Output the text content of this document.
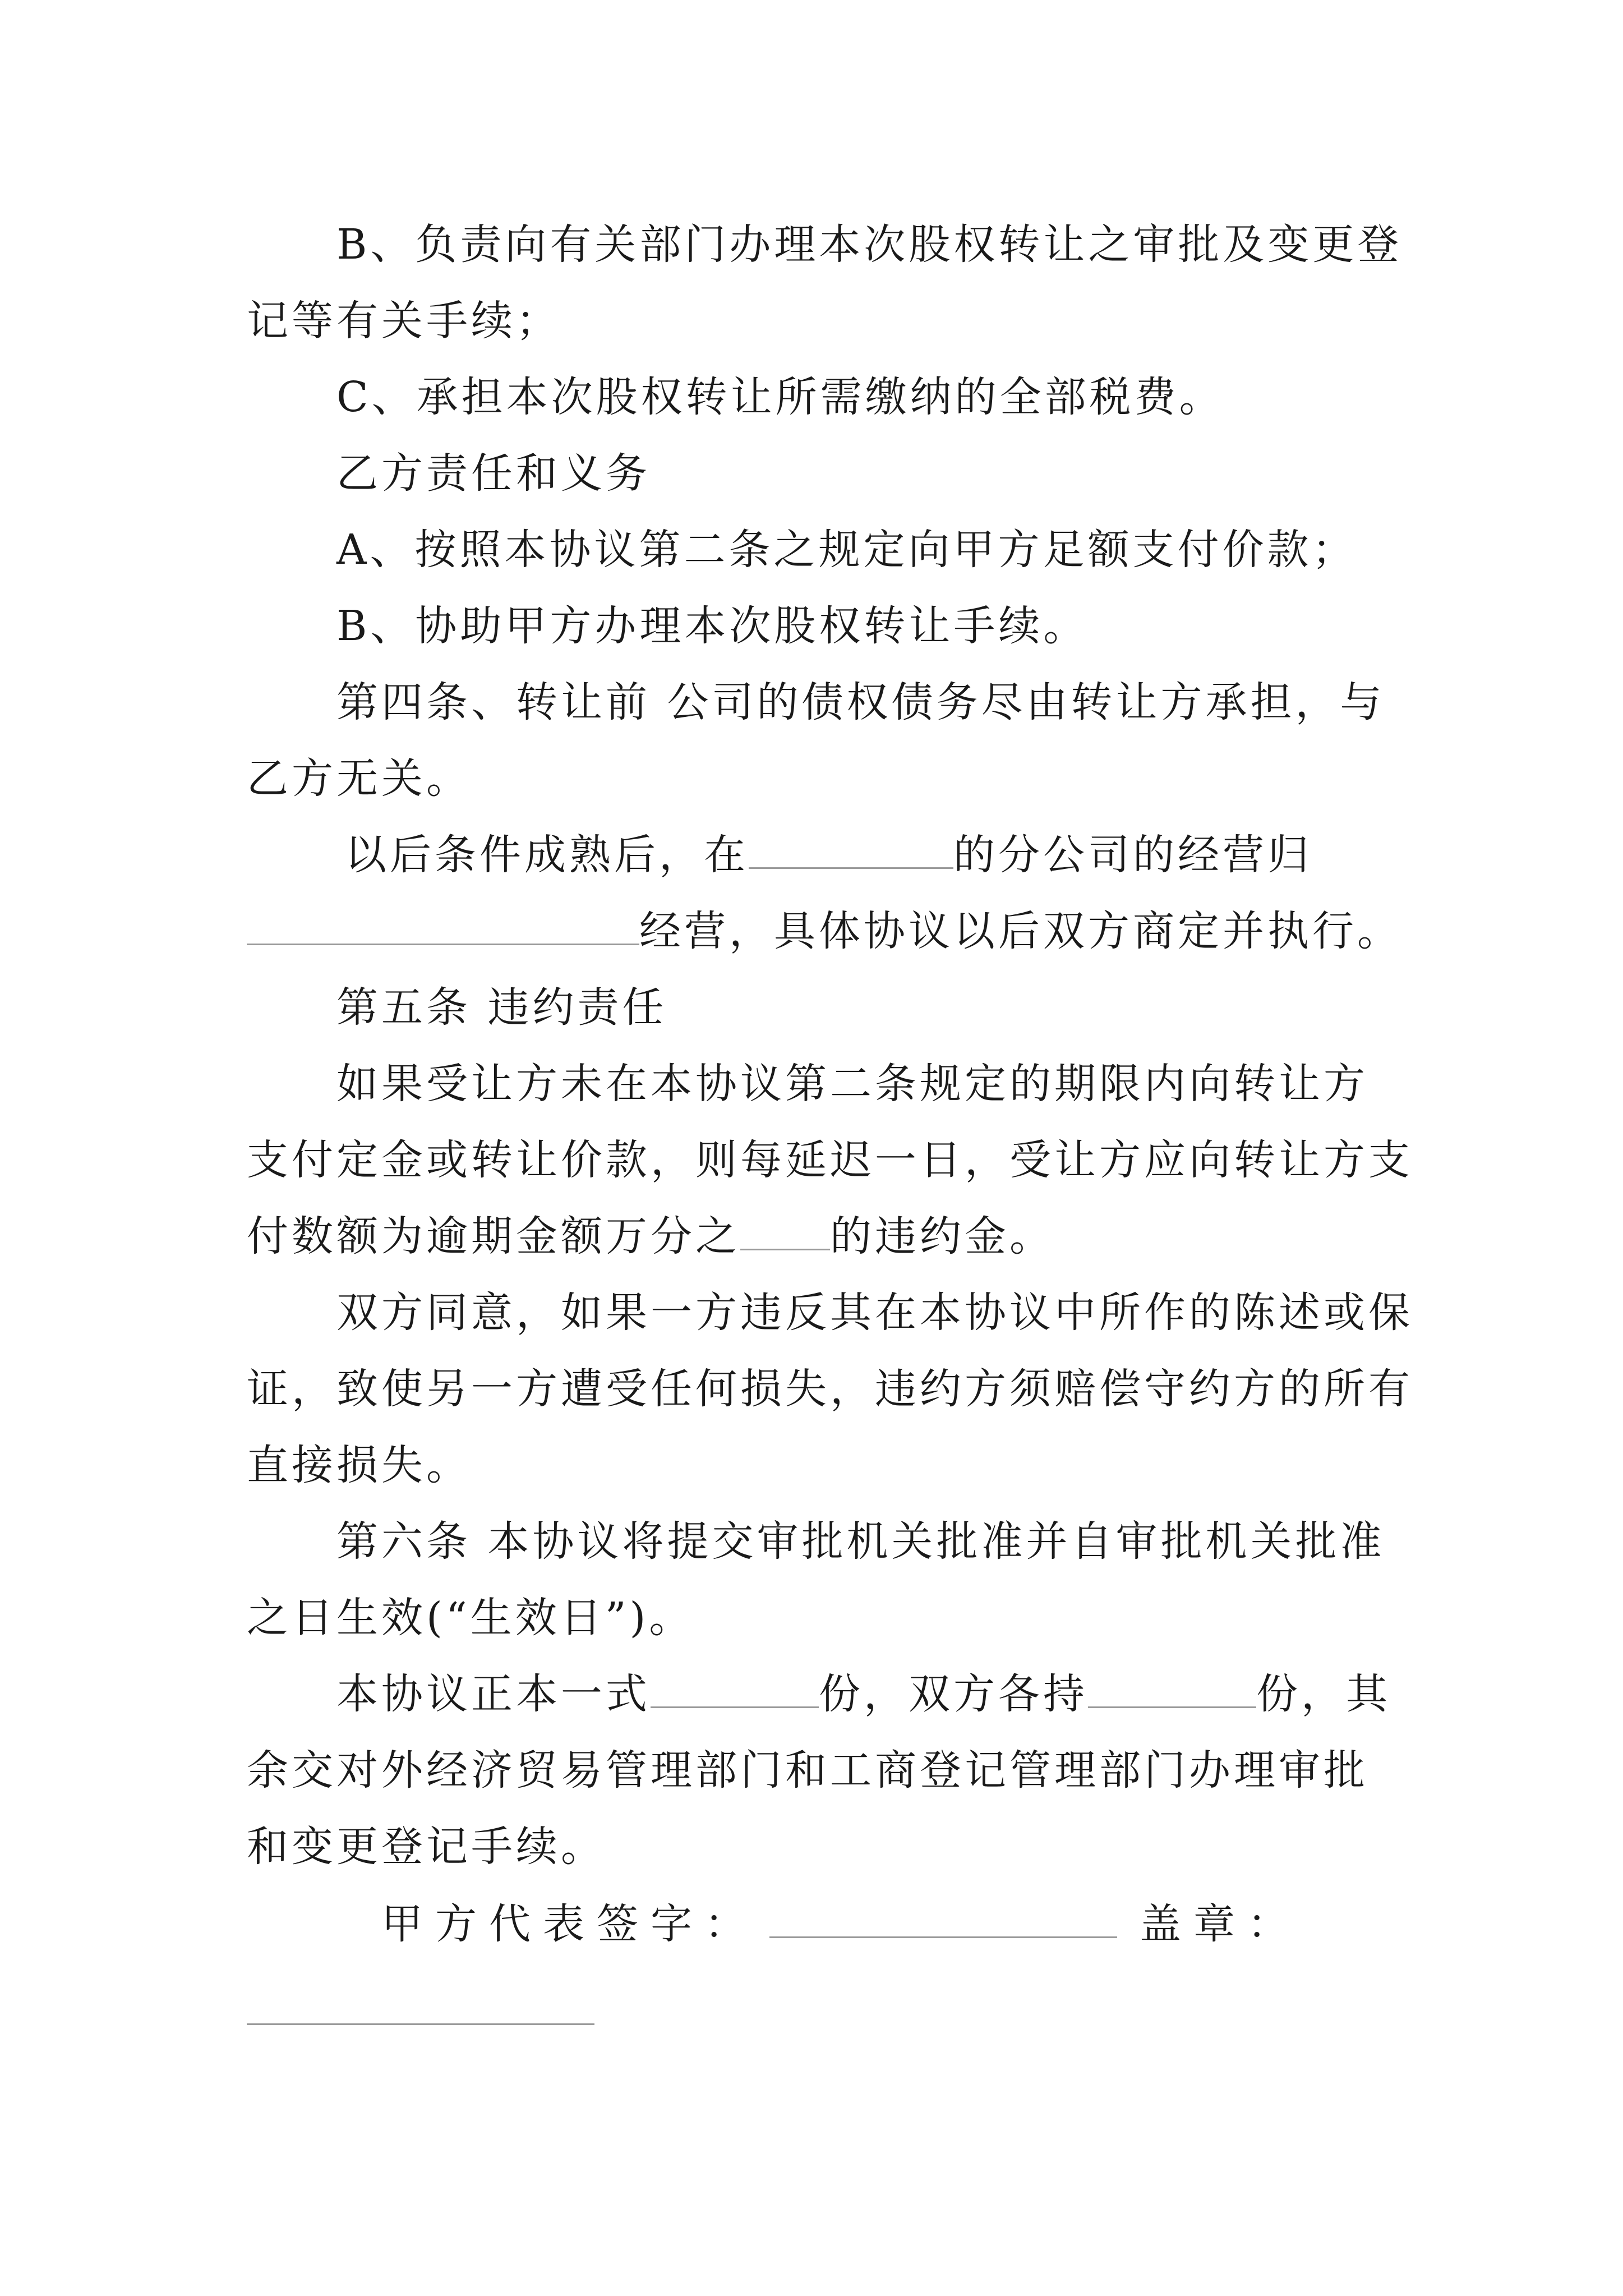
B、负责向有关部门办理本次股权转让之审批及变更登
记等有关手续；
C、承担本次股权转让所需缴纳的全部税费。
乙方责任和义务
A、按照本协议第二条之规定向甲方足额支付价款；
B、协助甲方办理本次股权转让手续。
第四条、转让前 公司的债权债务尽由转让方承担，与
乙方无关。
以后条件成熟后，在	的分公司的经营归
经营，具体协议以后双方商定并执行。
第五条 违约责任
如果受让方未在本协议第二条规定的期限内向转让方
支付定金或转让价款，则每延迟一日，受让方应向转让方支
付数额为逾期金额万分之 的违约金。
双方同意，如果一方违反其在本协议中所作的陈述或保
证，致使另一方遭受任何损失，违约方须赔偿守约方的所有
直接损失。
第六条 本协议将提交审批机关批准并自审批机关批准
之日生效(“生效日”)。
本协议正本一式	份，双方各持	份，其
余交对外经济贸易管理部门和工商登记管理部门办理审批
和变更登记手续。
甲方代表签字：	盖章：
